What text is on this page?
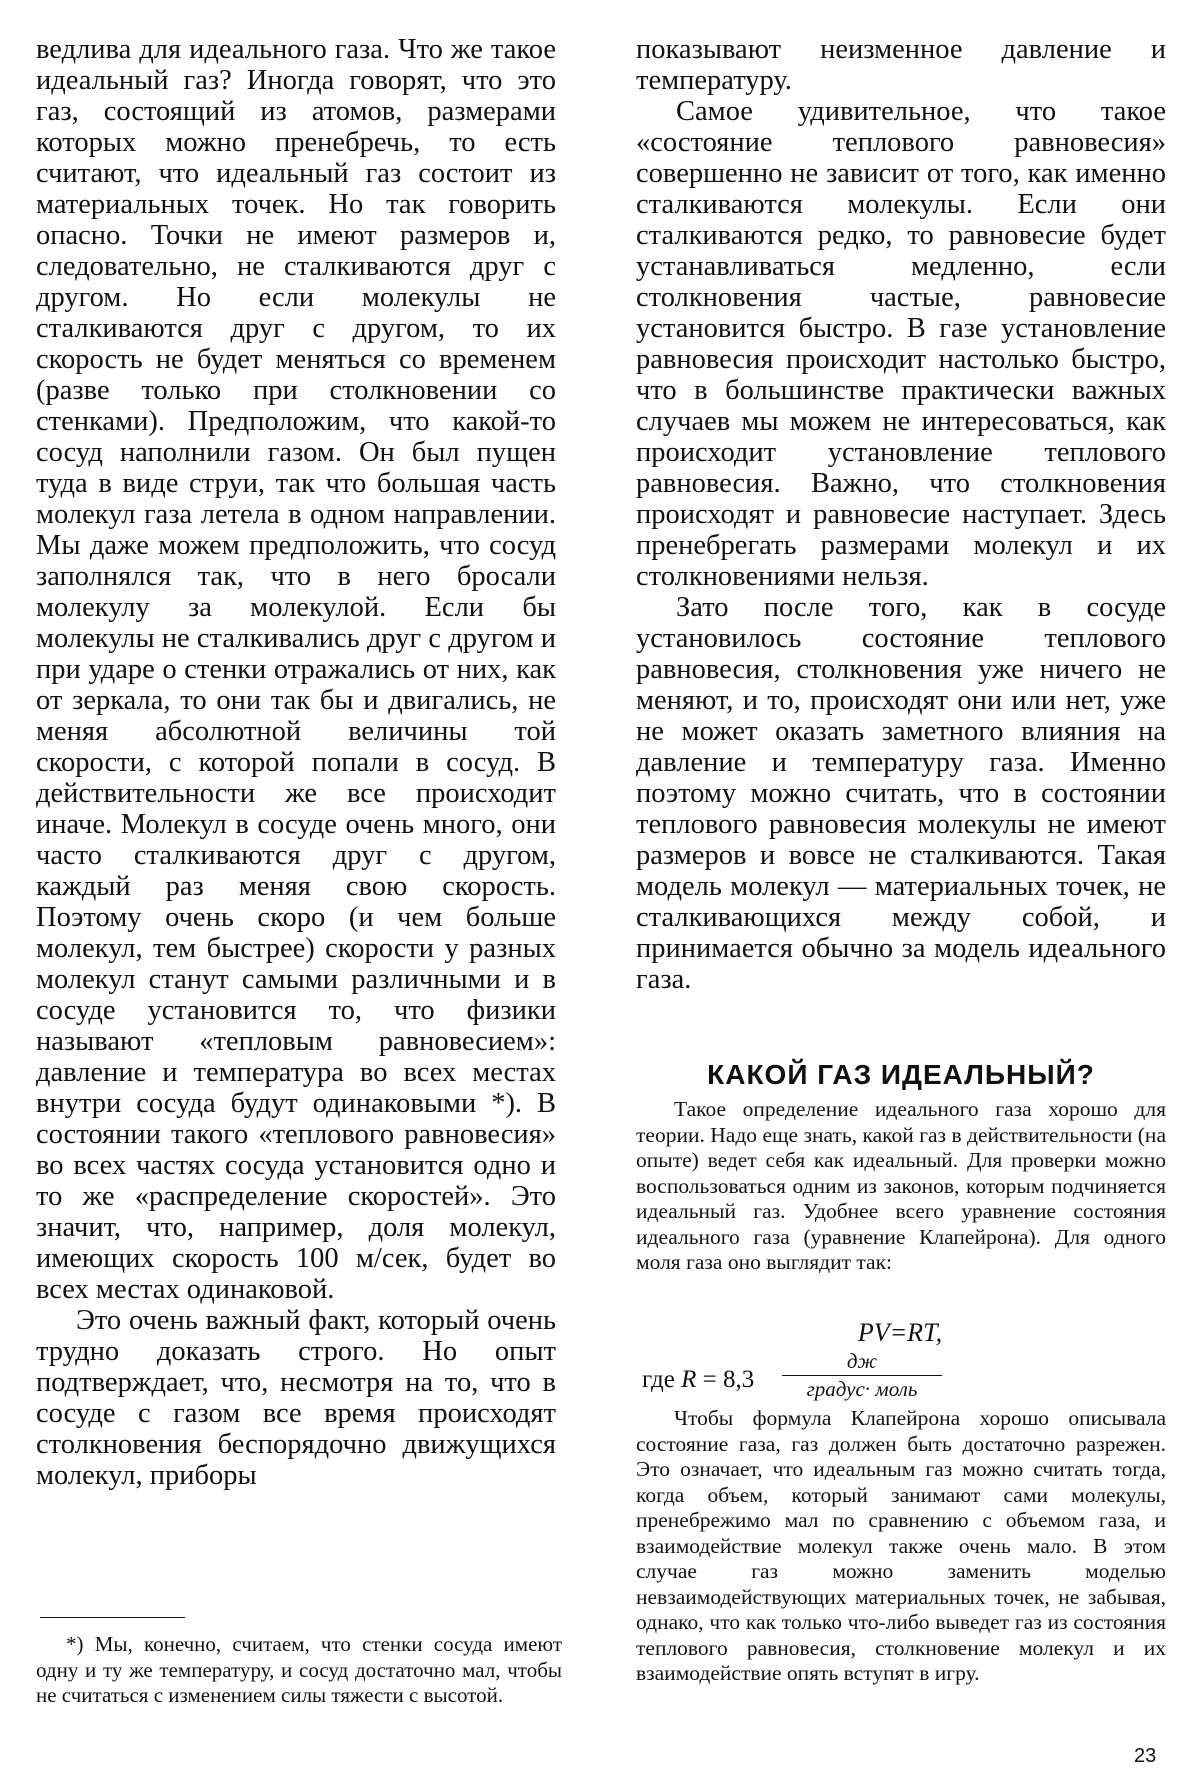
ведлива для идеального газа. Что же такое идеальный газ? Иногда говорят, что это газ, состоящий из атомов, размерами которых можно пренебречь, то есть считают, что идеальный газ состоит из материальных точек. Но так говорить опасно. Точки не имеют размеров и, следовательно, не сталкиваются друг с другом. Но если молекулы не сталкиваются друг с другом, то их скорость не будет меняться со временем (разве только при столкновении со стенками). Предположим, что какой-то сосуд наполнили газом. Он был пущен туда в виде струи, так что большая часть молекул газа летела в одном направлении. Мы даже можем предположить, что сосуд заполнялся так, что в него бросали молекулу за молекулой. Если бы молекулы не сталкивались друг с другом и при ударе о стенки отражались от них, как от зеркала, то они так бы и двигались, не меняя абсолютной величины той скорости, с которой попали в сосуд. В действительности же все происходит иначе. Молекул в сосуде очень много, они часто сталкиваются друг с другом, каждый раз меняя свою скорость. Поэтому очень скоро (и чем больше молекул, тем быстрее) скорости у разных молекул станут самыми различными и в сосуде установится то, что физики называют «тепловым равновесием»: давление и температура во всех местах внутри сосуда будут одинаковыми *). В состоянии такого «теплового равновесия» во всех частях сосуда установится одно и то же «распределение скоростей». Это значит, что, например, доля молекул, имеющих скорость 100 м/сек, будет во всех местах одинаковой.

Это очень важный факт, который очень трудно доказать строго. Но опыт подтверждает, что, несмотря на то, что в сосуде с газом все время происходят столкновения беспорядочно движущихся молекул, приборы

*) Мы, конечно, считаем, что стенки сосуда имеют одну и ту же температуру, и сосуд достаточно мал, чтобы не считаться с изменением силы тяжести с высотой.

показывают неизменное давление и температуру.

Самое удивительное, что такое «состояние теплового равновесия» совершенно не зависит от того, как именно сталкиваются молекулы. Если они сталкиваются редко, то равновесие будет устанавливаться медленно, если столкновения частые, равновесие установится быстро. В газе установление равновесия происходит настолько быстро, что в большинстве практически важных случаев мы можем не интересоваться, как происходит установление теплового равновесия. Важно, что столкновения происходят и равновесие наступает. Здесь пренебрегать размерами молекул и их столкновениями нельзя.

Зато после того, как в сосуде установилось состояние теплового равновесия, столкновения уже ничего не меняют, и то, происходят они или нет, уже не может оказать заметного влияния на давление и температуру газа. Именно поэтому можно считать, что в состоянии теплового равновесия молекулы не имеют размеров и вовсе не сталкиваются. Такая модель молекул — материальных точек, не сталкивающихся между собой, и принимается обычно за модель идеального газа.

КАКОЙ ГАЗ ИДЕАЛЬНЫЙ?

Такое определение идеального газа хорошо для теории. Надо еще знать, какой газ в действительности (на опыте) ведет себя как идеальный. Для проверки можно воспользоваться одним из законов, которым подчиняется идеальный газ. Удобнее всего уравнение состояния идеального газа (уравнение Клапейрона). Для одного моля газа оно выглядит так:

PV=RT,
где R = 8,3
дж
градус· моль

Чтобы формула Клапейрона хорошо описывала состояние газа, газ должен быть достаточно разрежен. Это означает, что идеальным газ можно считать тогда, когда объем, который занимают сами молекулы, пренебрежимо мал по сравнению с объемом газа, и взаимодействие молекул также очень мало. В этом случае газ можно заменить моделью невзаимодействующих материальных точек, не забывая, однако, что как только что-либо выведет газ из состояния теплового равновесия, столкновение молекул и их взаимодействие опять вступят в игру.

23
